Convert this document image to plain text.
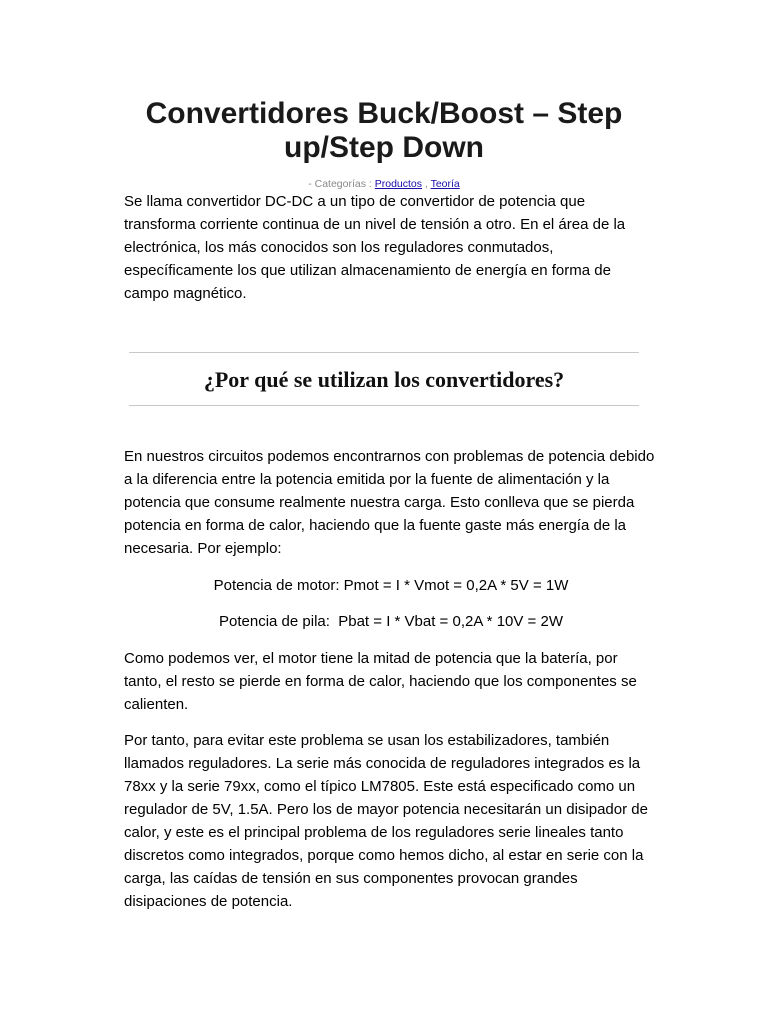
Convertidores Buck/Boost – Step up/Step Down
- Categorías : Productos , Teoría

Se llama convertidor DC-DC a un tipo de convertidor de potencia que transforma corriente continua de un nivel de tensión a otro. En el área de la electrónica, los más conocidos son los reguladores conmutados, específicamente los que utilizan almacenamiento de energía en forma de campo magnético.

¿Por qué se utilizan los convertidores?

En nuestros circuitos podemos encontrarnos con problemas de potencia debido a la diferencia entre la potencia emitida por la fuente de alimentación y la potencia que consume realmente nuestra carga. Esto conlleva que se pierda potencia en forma de calor, haciendo que la fuente gaste más energía de la necesaria. Por ejemplo:

Potencia de motor: Pmot = I * Vmot = 0,2A * 5V = 1W

Potencia de pila:  Pbat = I * Vbat = 0,2A * 10V = 2W

Como podemos ver, el motor tiene la mitad de potencia que la batería, por tanto, el resto se pierde en forma de calor, haciendo que los componentes se calienten.

Por tanto, para evitar este problema se usan los estabilizadores, también llamados reguladores. La serie más conocida de reguladores integrados es la 78xx y la serie 79xx, como el típico LM7805. Este está especificado como un regulador de 5V, 1.5A. Pero los de mayor potencia necesitarán un disipador de calor, y este es el principal problema de los reguladores serie lineales tanto discretos como integrados, porque como hemos dicho, al estar en serie con la carga, las caídas de tensión en sus componentes provocan grandes disipaciones de potencia.
